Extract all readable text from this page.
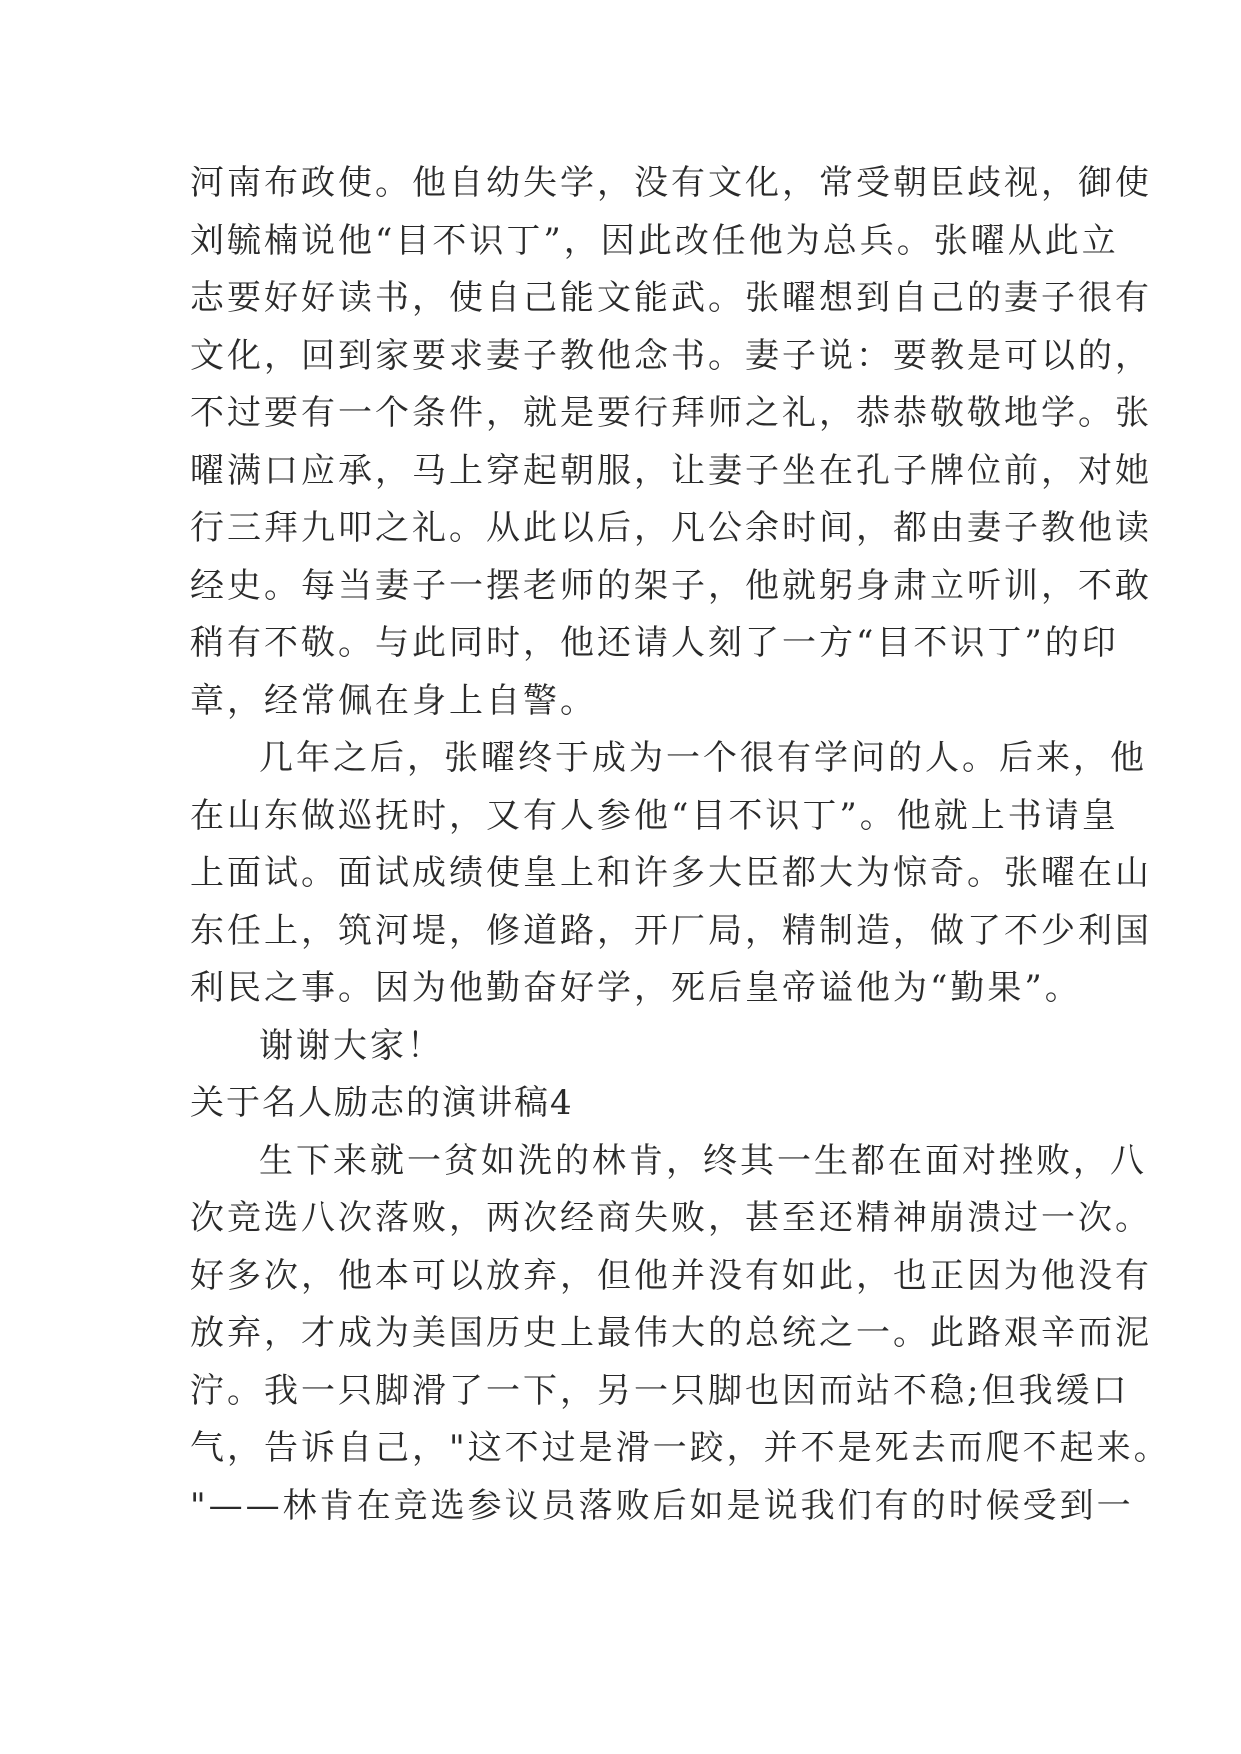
河南布政使。他自幼失学，没有文化，常受朝臣歧视，御使
刘毓楠说他“目不识丁”，因此改任他为总兵。张曜从此立
志要好好读书，使自己能文能武。张曜想到自己的妻子很有
文化，回到家要求妻子教他念书。妻子说：要教是可以的，
不过要有一个条件，就是要行拜师之礼，恭恭敬敬地学。张
曜满口应承，马上穿起朝服，让妻子坐在孔子牌位前，对她
行三拜九叩之礼。从此以后，凡公余时间，都由妻子教他读
经史。每当妻子一摆老师的架子，他就躬身肃立听训，不敢
稍有不敬。与此同时，他还请人刻了一方“目不识丁”的印
章，经常佩在身上自警。
几年之后，张曜终于成为一个很有学问的人。后来，他
在山东做巡抚时，又有人参他“目不识丁”。他就上书请皇
上面试。面试成绩使皇上和许多大臣都大为惊奇。张曜在山
东任上，筑河堤，修道路，开厂局，精制造，做了不少利国
利民之事。因为他勤奋好学，死后皇帝谥他为“勤果”。
谢谢大家！
关于名人励志的演讲稿4
生下来就一贫如洗的林肯，终其一生都在面对挫败，八
次竞选八次落败，两次经商失败，甚至还精神崩溃过一次。
好多次，他本可以放弃，但他并没有如此，也正因为他没有
放弃，才成为美国历史上最伟大的总统之一。此路艰辛而泥
泞。我一只脚滑了一下，另一只脚也因而站不稳;但我缓口
气，告诉自己，"这不过是滑一跤，并不是死去而爬不起来。
"——林肯在竞选参议员落败后如是说我们有的时候受到一
